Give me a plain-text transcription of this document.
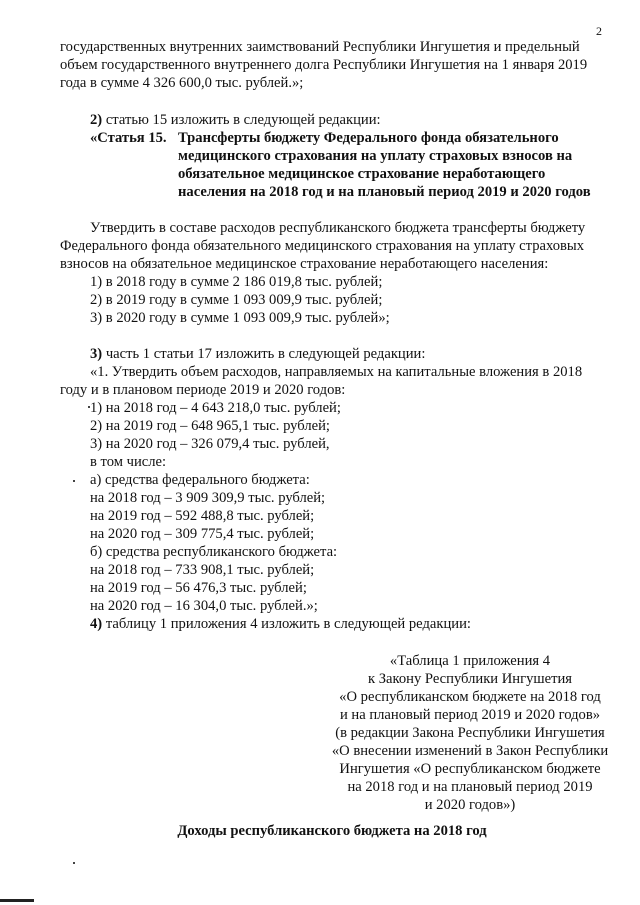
2
государственных внутренних заимствований Республики Ингушетия и предельный
объем государственного внутреннего долга Республики Ингушетия на 1 января 2019
года в сумме 4 326 600,0 тыс. рублей.»;
2) статью 15 изложить в следующей редакции:
«Статья 15. Трансферты бюджету Федерального фонда обязательного
медицинского страхования на уплату страховых взносов на
обязательное медицинское страхование неработающего
населения на 2018 год и на плановый период 2019 и 2020 годов
Утвердить в составе расходов республиканского бюджета трансферты бюджету
Федерального фонда обязательного медицинского страхования на уплату страховых
взносов на обязательное медицинское страхование неработающего населения:
1) в 2018 году в сумме 2 186 019,8 тыс. рублей;
2) в 2019 году в сумме 1 093 009,9 тыс. рублей;
3) в 2020 году в сумме 1 093 009,9 тыс. рублей»;
3) часть 1 статьи 17 изложить в следующей редакции:
«1. Утвердить объем расходов, направляемых на капитальные вложения в 2018
году и в плановом периоде 2019 и 2020 годов:
1) на 2018 год – 4 643 218,0 тыс. рублей;
2) на 2019 год – 648 965,1 тыс. рублей;
3) на 2020 год – 326 079,4 тыс. рублей,
в том числе:
а) средства федерального бюджета:
на 2018 год – 3 909 309,9 тыс. рублей;
на 2019 год – 592 488,8 тыс. рублей;
на 2020 год – 309 775,4 тыс. рублей;
б) средства республиканского бюджета:
на 2018 год – 733 908,1 тыс. рублей;
на 2019 год – 56 476,3 тыс. рублей;
на 2020 год – 16 304,0 тыс. рублей.»;
4) таблицу 1 приложения 4 изложить в следующей редакции:
«Таблица 1 приложения 4
к Закону Республики Ингушетия
«О республиканском бюджете на 2018 год
и на плановый период 2019 и 2020 годов»
(в редакции Закона Республики Ингушетия
«О внесении изменений в Закон Республики
Ингушетия «О республиканском бюджете
на 2018 год и на плановый период 2019
и 2020 годов»)
Доходы республиканского бюджета на 2018 год
